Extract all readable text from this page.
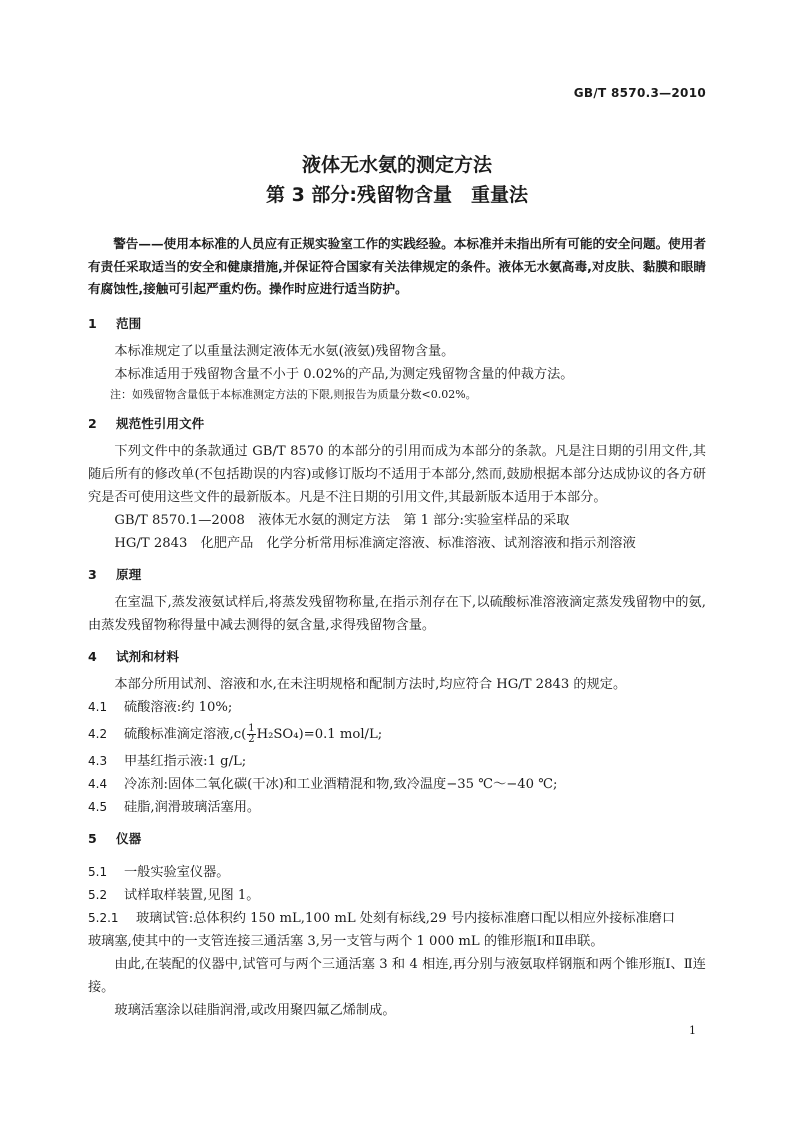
GB/T 8570.3—2010
液体无水氨的测定方法
第 3 部分:残留物含量　重量法

警告——使用本标准的人员应有正规实验室工作的实践经验。本标准并未指出所有可能的安全问题。使用者有责任采取适当的安全和健康措施,并保证符合国家有关法律规定的条件。液体无水氨高毒,对皮肤、黏膜和眼睛有腐蚀性,接触可引起严重灼伤。操作时应进行适当防护。

1 范围

本标准规定了以重量法测定液体无水氨(液氨)残留物含量。

本标准适用于残留物含量不小于 0.02%的产品,为测定残留物含量的仲裁方法。

注：如残留物含量低于本标准测定方法的下限,则报告为质量分数<0.02%。

2 规范性引用文件

下列文件中的条款通过 GB/T 8570 的本部分的引用而成为本部分的条款。凡是注日期的引用文件,其随后所有的修改单(不包括勘误的内容)或修订版均不适用于本部分,然而,鼓励根据本部分达成协议的各方研究是否可使用这些文件的最新版本。凡是不注日期的引用文件,其最新版本适用于本部分。

GB/T 8570.1—2008　液体无水氨的测定方法　第 1 部分:实验室样品的采取

HG/T 2843　化肥产品　化学分析常用标准滴定溶液、标准溶液、试剂溶液和指示剂溶液

3 原理

在室温下,蒸发液氨试样后,将蒸发残留物称量,在指示剂存在下,以硫酸标准溶液滴定蒸发残留物中的氨,由蒸发残留物称得量中减去测得的氨含量,求得残留物含量。

4 试剂和材料

本部分所用试剂、溶液和水,在未注明规格和配制方法时,均应符合 HG/T 2843 的规定。

4.1 硫酸溶液:约 10%;

4.2 硫酸标准滴定溶液$,c( \frac{1}{2} H_2SO_4)=0.1$ mol/L;

4.3 甲基红指示液:1 g/L;

4.4 冷冻剂:固体二氧化碳(干冰)和工业酒精混和物,致冷温度−35 ℃～−40 ℃;

4.5 硅脂,润滑玻璃活塞用。

5 仪器

5.1 一般实验室仪器。

5.2 试样取样装置,见图 1。

5.2.1 玻璃试管:总体积约 150 mL,100 mL 处刻有标线,29 号内接标准磨口配以相应外接标准磨口

玻璃塞,使其中的一支管连接三通活塞 3,另一支管与两个 1 000 mL 的锥形瓶Ⅰ和Ⅱ串联。

由此,在装配的仪器中,试管可与两个三通活塞 3 和 4 相连,再分别与液氨取样钢瓶和两个锥形瓶Ⅰ、Ⅱ连接。

玻璃活塞涂以硅脂润滑,或改用聚四氟乙烯制成。

1
